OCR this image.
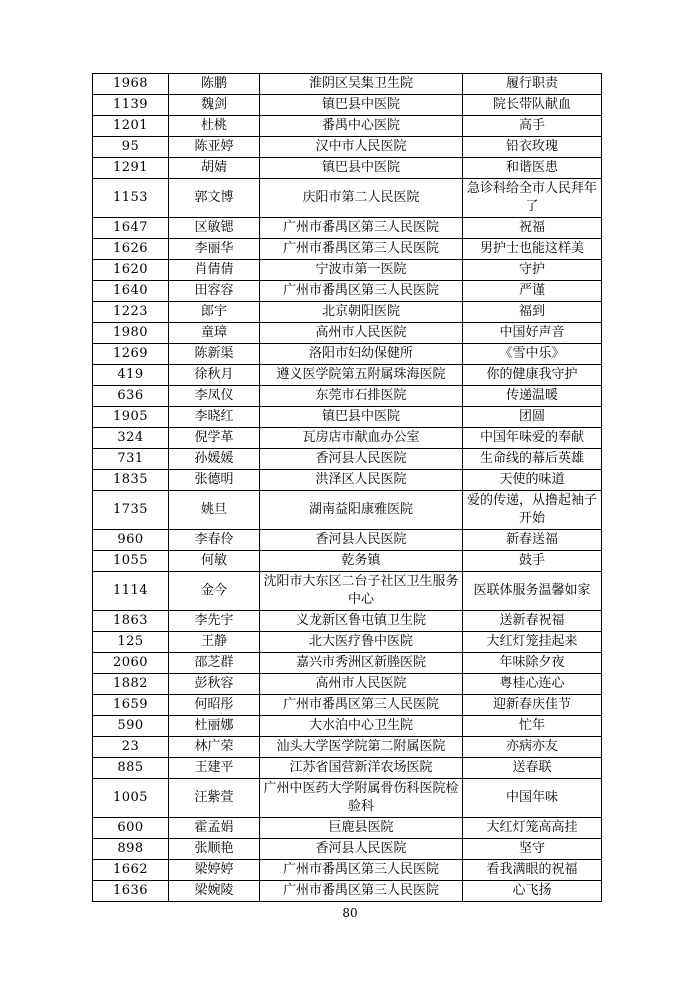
1968	陈鹏	淮阴区吴集卫生院	履行职责
1139	魏剑	镇巴县中医院	院长带队献血
1201	杜桃	番禺中心医院	高手
95	陈亚婷	汉中市人民医院	铅衣玫瑰
1291	胡婧	镇巴县中医院	和谐医患
1153	郭文博	庆阳市第二人民医院	急诊科给全市人民拜年了
1647	区敏锶	广州市番禺区第三人民医院	祝福
1626	李丽华	广州市番禺区第三人民医院	男护士也能这样美
1620	肖倩倩	宁波市第一医院	守护
1640	田容容	广州市番禺区第三人民医院	严谨
1223	郎宇	北京朝阳医院	福到
1980	童璋	高州市人民医院	中国好声音
1269	陈新渠	洛阳市妇幼保健所	《雪中乐》
419	徐秋月	遵义医学院第五附属珠海医院	你的健康我守护
636	李凤仪	东莞市石排医院	传递温暖
1905	李晓红	镇巴县中医院	团圆
324	倪学革	瓦房店市献血办公室	中国年味爱的奉献
731	孙媛媛	香河县人民医院	生命线的幕后英雄
1835	张德明	洪泽区人民医院	天使的味道
1735	姚旦	湖南益阳康雅医院	爱的传递，从撸起袖子开始
960	李春伶	香河县人民医院	新春送福
1055	何敏	乾务镇	鼓手
1114	金今	沈阳市大东区二台子社区卫生服务中心	医联体服务温馨如家
1863	李先宇	义龙新区鲁屯镇卫生院	送新春祝福
125	王静	北大医疗鲁中医院	大红灯笼挂起来
2060	邵芝群	嘉兴市秀洲区新塍医院	年味除夕夜
1882	彭秋容	高州市人民医院	粤桂心连心
1659	何昭彤	广州市番禺区第三人民医院	迎新春庆佳节
590	杜丽娜	大水泊中心卫生院	忙年
23	林广荣	汕头大学医学院第二附属医院	亦病亦友
885	王建平	江苏省国营新洋农场医院	送春联
1005	汪紫萱	广州中医药大学附属骨伤科医院检验科	中国年味
600	霍孟娟	巨鹿县医院	大红灯笼高高挂
898	张顺艳	香河县人民医院	坚守
1662	梁婷婷	广州市番禺区第三人民医院	看我满眼的祝福
1636	梁婉陵	广州市番禺区第三人民医院	心飞扬
80
